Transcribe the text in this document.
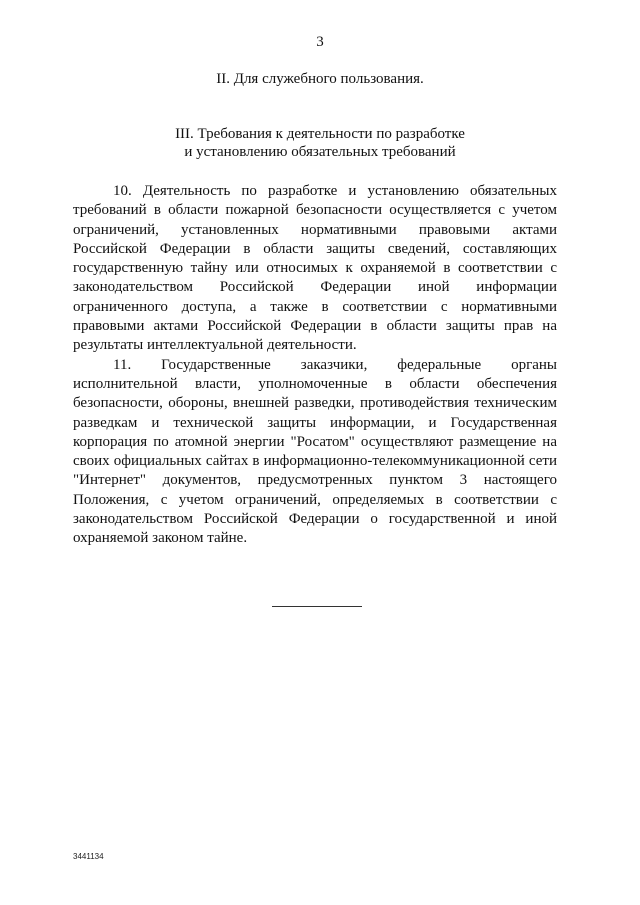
3
II. Для служебного пользования.
III. Требования к деятельности по разработке
и установлению обязательных требований

10. Деятельность по разработке и установлению обязательных требований в области пожарной безопасности осуществляется с учетом ограничений, установленных нормативными правовыми актами Российской Федерации в области защиты сведений, составляющих государственную тайну или относимых к охраняемой в соответствии с законодательством Российской Федерации иной информации ограниченного доступа, а также в соответствии с нормативными правовыми актами Российской Федерации в области защиты прав на результаты интеллектуальной деятельности.

11. Государственные заказчики, федеральные органы исполнительной власти, уполномоченные в области обеспечения безопасности, обороны, внешней разведки, противодействия техническим разведкам и технической защиты информации, и Государственная корпорация по атомной энергии "Росатом" осуществляют размещение на своих официальных сайтах в информационно-телекоммуникационной сети "Интернет" документов, предусмотренных пунктом 3 настоящего Положения, с учетом ограничений, определяемых в соответствии с законодательством Российской Федерации о государственной и иной охраняемой законом тайне.

3441134
